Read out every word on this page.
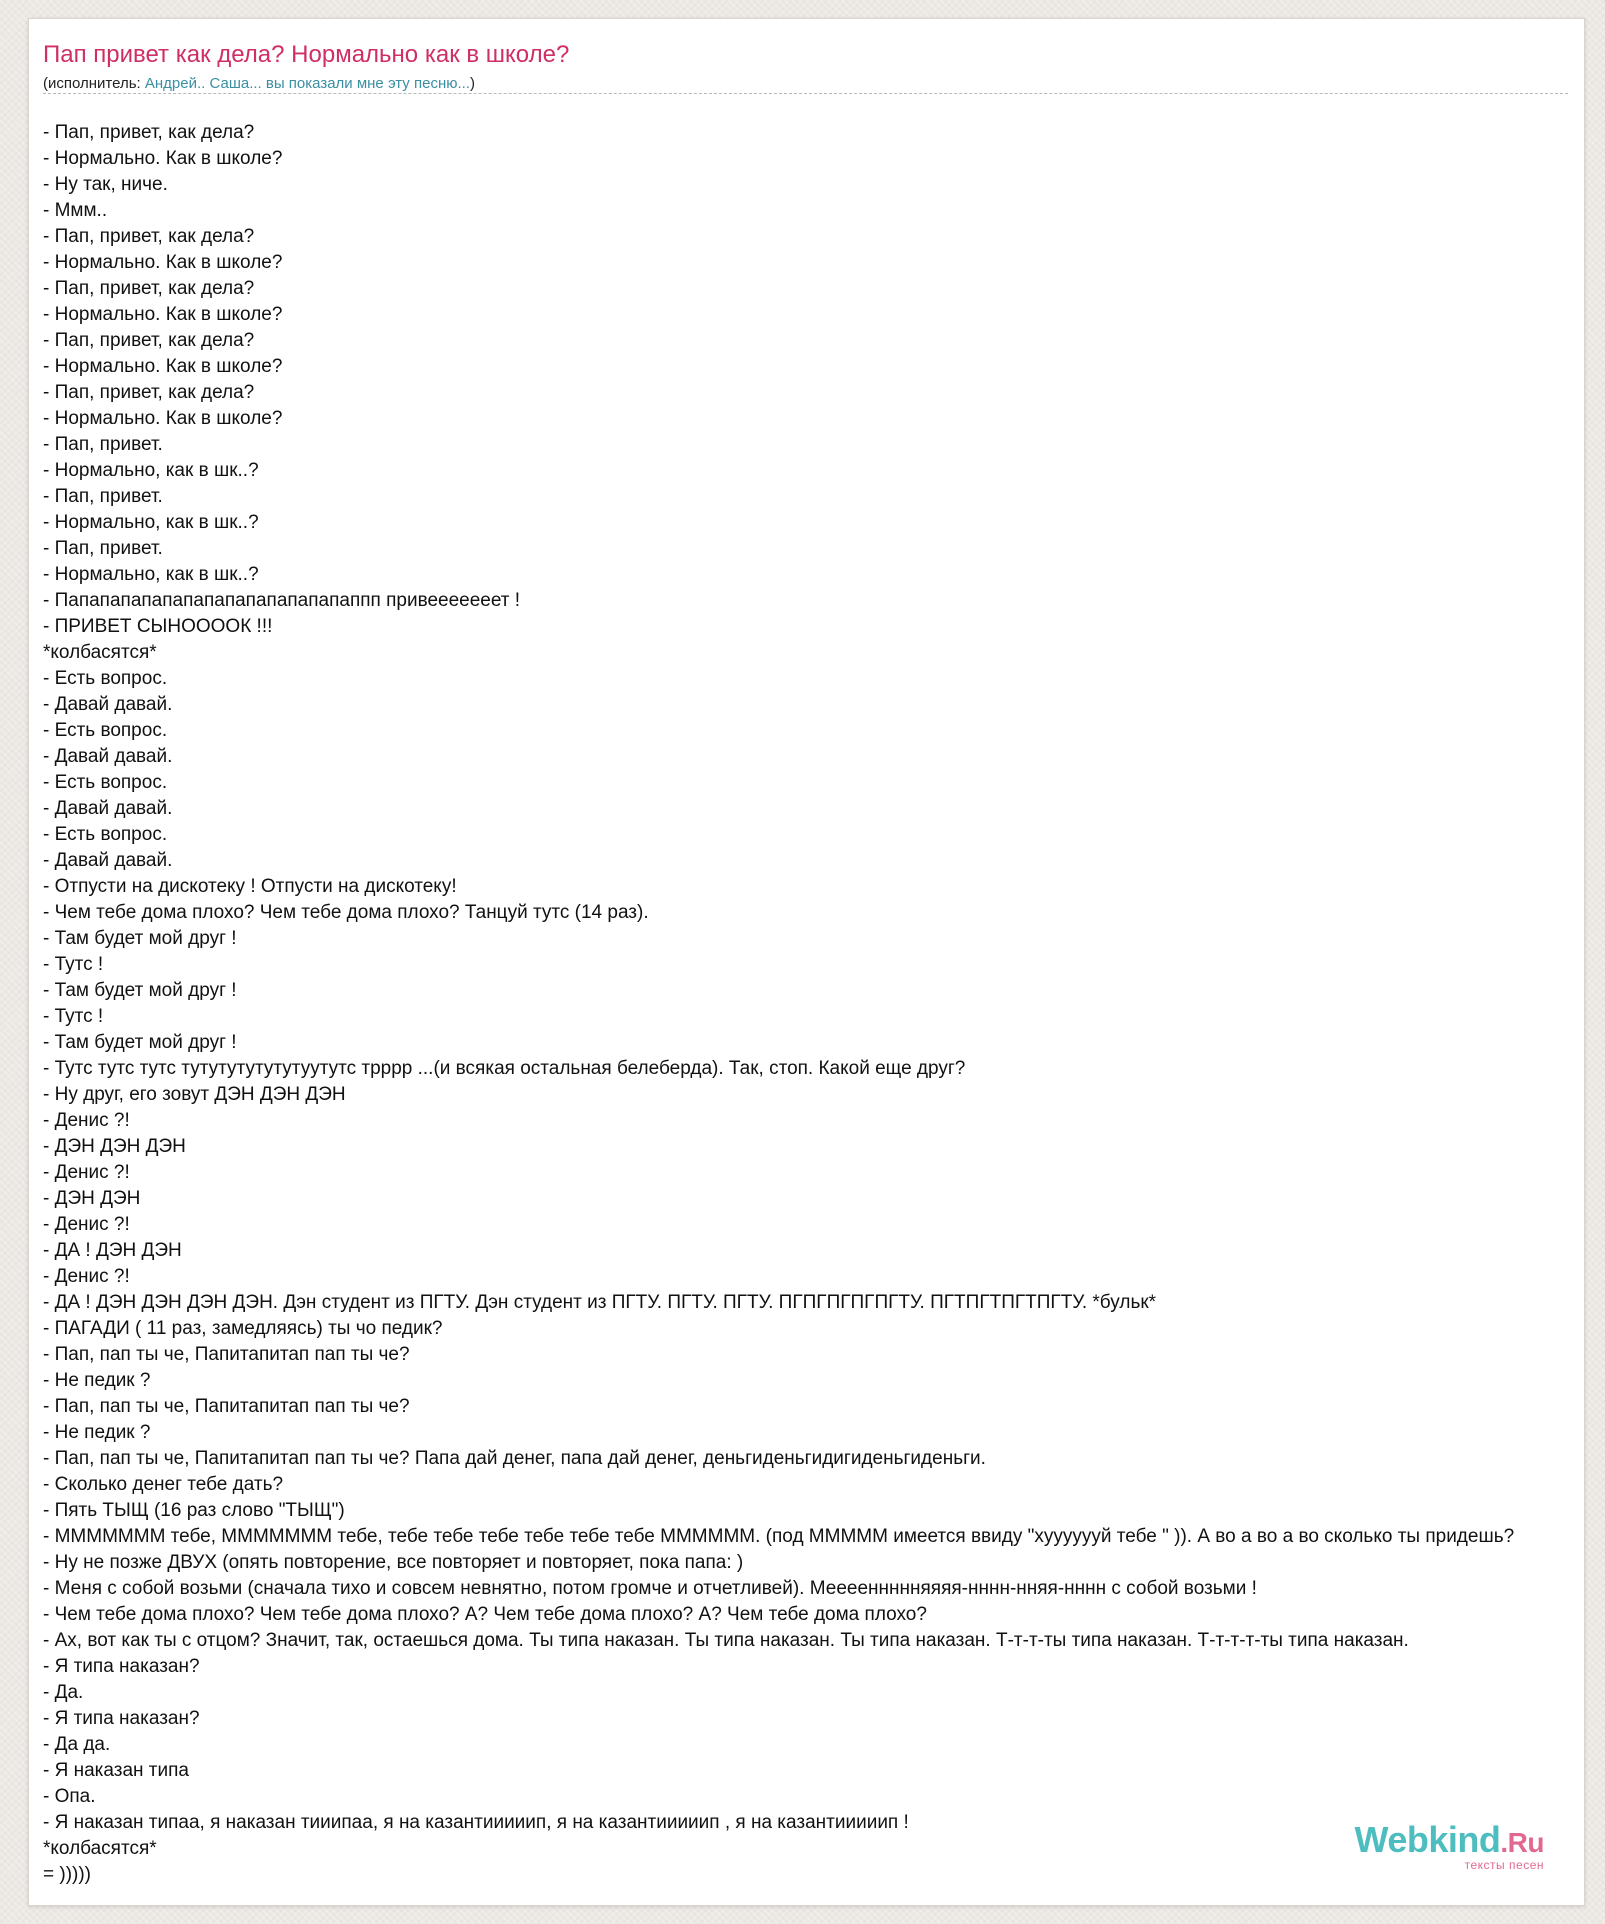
Пап привет как дела? Нормально как в школе?
(исполнитель: Андрей.. Саша... вы показали мне эту песню...)
- Пап, привет, как дела?
- Нормально. Как в школе?
- Ну так, ниче.
- Ммм..
- Пап, привет, как дела?
- Нормально. Как в школе?
- Пап, привет, как дела?
- Нормально. Как в школе?
- Пап, привет, как дела?
- Нормально. Как в школе?
- Пап, привет, как дела?
- Нормально. Как в школе?
- Пап, привет.
- Нормально, как в шк..?
- Пап, привет.
- Нормально, как в шк..?
- Пап, привет.
- Нормально, как в шк..?
- Папапапапапапапапапапапапапаппп привееееееет !
- ПРИВЕТ СЫНОООOК !!!
*колбасятся*
- Есть вопрос.
- Давай давай.
- Есть вопрос.
- Давай давай.
- Есть вопрос.
- Давай давай.
- Есть вопрос.
- Давай давай.
- Отпусти на дискотеку ! Отпусти на дискотеку!
- Чем тебе дома плохо? Чем тебе дома плохо? Танцуй тутс (14 раз).
- Там будет мой друг !
- Тутс !
- Там будет мой друг !
- Тутс !
- Там будет мой друг !
- Тутс тутс тутс тутутутутутутуутутс трррр ...(и всякая остальная белеберда). Так, стоп. Какой еще друг?
- Ну друг, его зовут ДЭН ДЭН ДЭН
- Денис ?!
- ДЭН ДЭН ДЭН
- Денис ?!
- ДЭН ДЭН
- Денис ?!
- ДА ! ДЭН ДЭН
- Денис ?!
- ДА ! ДЭН ДЭН ДЭН ДЭН. Дэн студент из ПГТУ. Дэн студент из ПГТУ. ПГТУ. ПГТУ. ПГПГПГПГПГТУ. ПГТПГТПГТПГТУ. *бульк*
- ПАГАДИ ( 11 раз, замедляясь) ты чо педик?
- Пап, пап ты че, Папитапитап пап ты че?
- Не педик ?
- Пап, пап ты че, Папитапитап пап ты че?
- Не педик ?
- Пап, пап ты че, Папитапитап пап ты че? Папа дай денег, папа дай денег, деньгиденьгидигиденьгиденьги.
- Сколько денег тебе дать?
- Пять ТЫЩ (16 раз слово "ТЫЩ")
- МММММММ тебе, МММММММ тебе, тебе тебе тебе тебе тебе тебе ММММММ. (под МММММ имеется ввиду "хууууууй тебе " )). А во а во а во сколько ты придешь?
- Ну не позже ДВУХ (опять повторение, все повторяет и повторяет, пока папа: )
- Меня с собой возьми (сначала тихо и совсем невнятно, потом громче и отчетливей). Мееееннннняяяя-нннн-нняя-нннн с собой возьми !
- Чем тебе дома плохо? Чем тебе дома плохо? А? Чем тебе дома плохо? А? Чем тебе дома плохо?
- Ах, вот как ты с отцом? Значит, так, остаешься дома. Ты типа наказан. Ты типа наказан. Ты типа наказан. Т-т-т-ты типа наказан. Т-т-т-т-ты типа наказан.
- Я типа наказан?
- Да.
- Я типа наказан?
- Да да.
- Я наказан типа
- Опа.
- Я наказан типаа, я наказан тииипаа, я на казантииииип, я на казантииииип , я на казантииииип !
*колбасятся*
= )))))
Webkind.Ru
тексты песен
